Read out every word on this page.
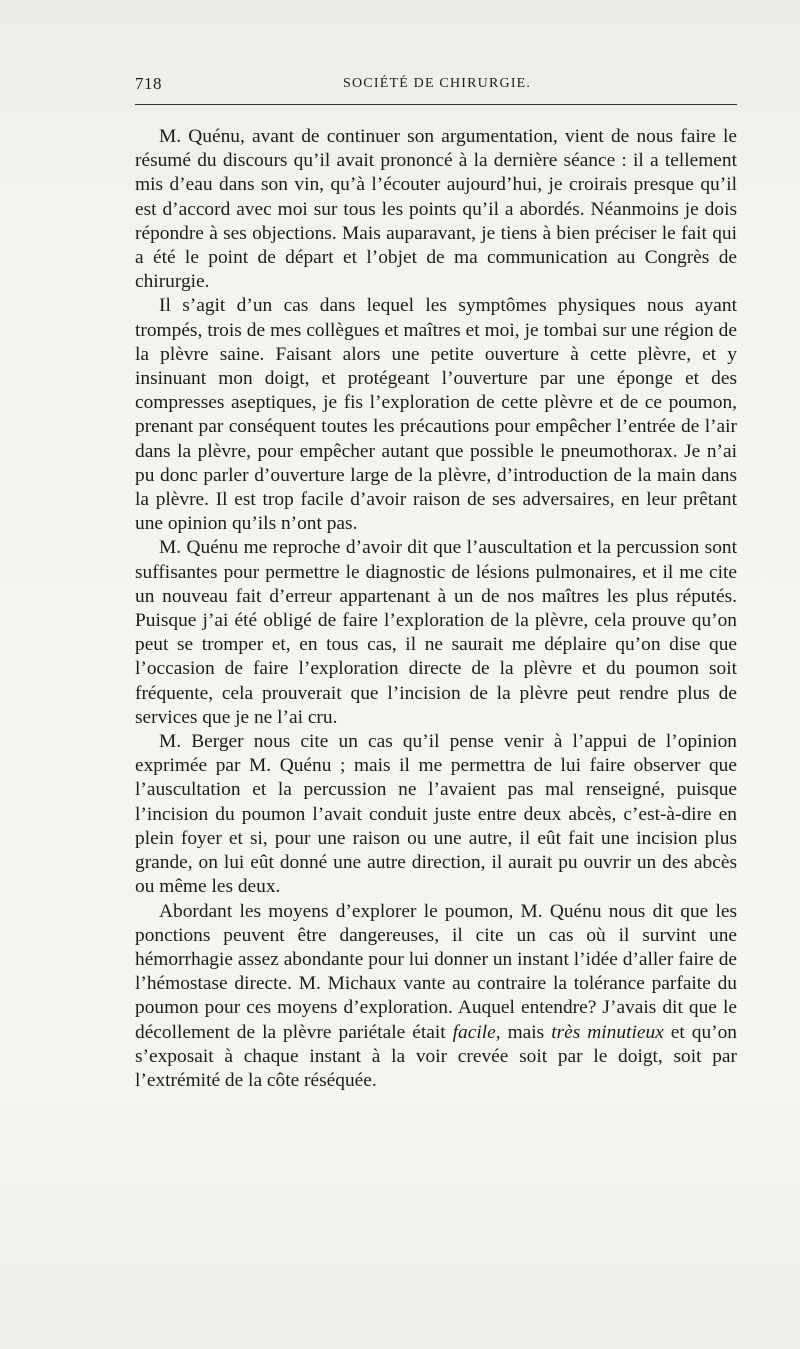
718	SOCIÉTÉ DE CHIRURGIE.

M. Quénu, avant de continuer son argumentation, vient de nous faire le résumé du discours qu’il avait prononcé à la dernière séance : il a tellement mis d’eau dans son vin, qu’à l’écouter aujourd’hui, je croirais presque qu’il est d’accord avec moi sur tous les points qu’il a abordés. Néanmoins je dois répondre à ses objections. Mais auparavant, je tiens à bien préciser le fait qui a été le point de départ et l’objet de ma communication au Congrès de chirurgie.

Il s’agit d’un cas dans lequel les symptômes physiques nous ayant trompés, trois de mes collègues et maîtres et moi, je tombai sur une région de la plèvre saine. Faisant alors une petite ouverture à cette plèvre, et y insinuant mon doigt, et protégeant l’ouverture par une éponge et des compresses aseptiques, je fis l’exploration de cette plèvre et de ce poumon, prenant par conséquent toutes les précautions pour empêcher l’entrée de l’air dans la plèvre, pour empêcher autant que possible le pneumothorax. Je n’ai pu donc parler d’ouverture large de la plèvre, d’introduction de la main dans la plèvre. Il est trop facile d’avoir raison de ses adversaires, en leur prêtant une opinion qu’ils n’ont pas.

M. Quénu me reproche d’avoir dit que l’auscultation et la percussion sont suffisantes pour permettre le diagnostic de lésions pulmonaires, et il me cite un nouveau fait d’erreur appartenant à un de nos maîtres les plus réputés. Puisque j’ai été obligé de faire l’exploration de la plèvre, cela prouve qu’on peut se tromper et, en tous cas, il ne saurait me déplaire qu’on dise que l’occasion de faire l’exploration directe de la plèvre et du poumon soit fréquente, cela prouverait que l’incision de la plèvre peut rendre plus de services que je ne l’ai cru.

M. Berger nous cite un cas qu’il pense venir à l’appui de l’opinion exprimée par M. Quénu ; mais il me permettra de lui faire observer que l’auscultation et la percussion ne l’avaient pas mal renseigné, puisque l’incision du poumon l’avait conduit juste entre deux abcès, c’est-à-dire en plein foyer et si, pour une raison ou une autre, il eût fait une incision plus grande, on lui eût donné une autre direction, il aurait pu ouvrir un des abcès ou même les deux.

Abordant les moyens d’explorer le poumon, M. Quénu nous dit que les ponctions peuvent être dangereuses, il cite un cas où il survint une hémorrhagie assez abondante pour lui donner un instant l’idée d’aller faire de l’hémostase directe. M. Michaux vante au contraire la tolérance parfaite du poumon pour ces moyens d’exploration. Auquel entendre? J’avais dit que le décollement de la plèvre pariétale était facile, mais très minutieux et qu’on s’exposait à chaque instant à la voir crevée soit par le doigt, soit par l’extrémité de la côte réséquée.
